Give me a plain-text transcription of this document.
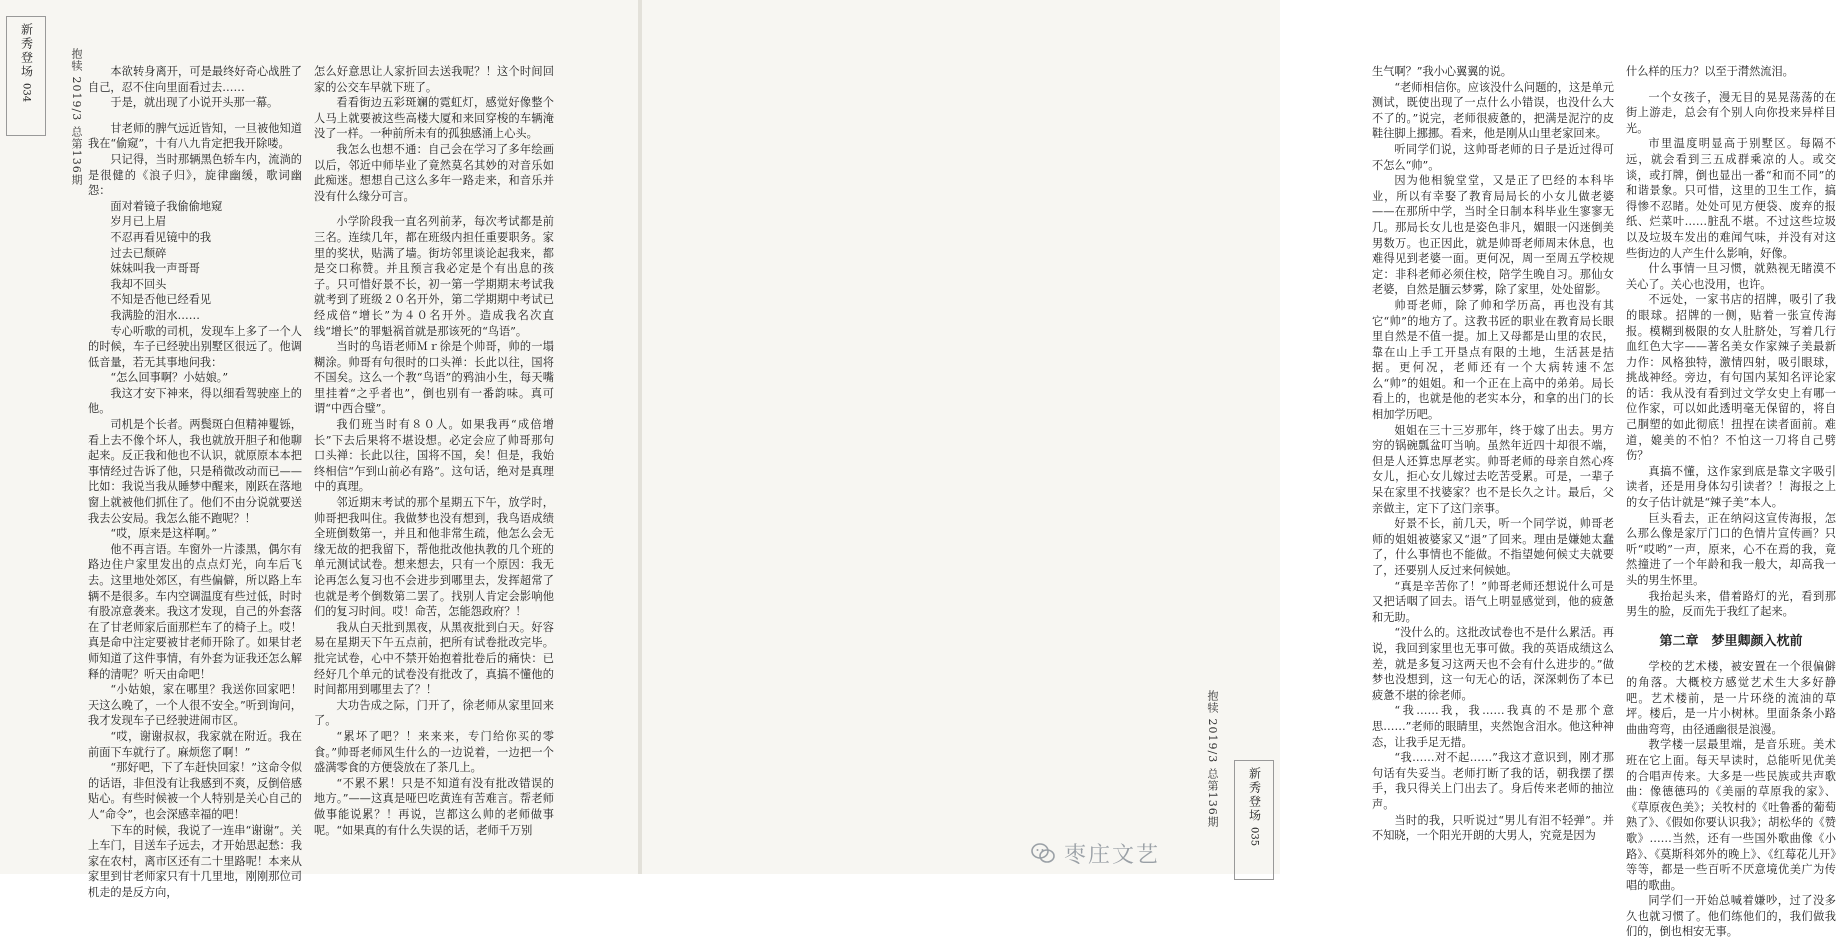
新秀登场
034	抱犊 2019/3 总第136期	本欲转身离开，可是最终好奇心战胜了自己，忍不住向里面看过去……

于是，就出现了小说开头那一幕。

甘老师的脾气远近皆知，一旦被他知道我在“偷窥”，十有八九肯定把我开除喽。

只记得，当时那辆黑色轿车内，流淌的是很健的《浪子归》，旋律幽缓，歌词幽怨：

面对着镜子我偷偷地窥

岁月已上眉

不忍再看见镜中的我

过去已颓碎

妹妹叫我一声哥哥

我却不回头

不知是否他已经看见

我满脸的泪水……

专心听歌的司机，发现车上多了一个人的时候，车子已经驶出别墅区很远了。他调低音量，若无其事地问我：

“怎么回事啊？小姑娘。”

我这才安下神来，得以细看驾驶座上的他。

司机是个长者。两鬓斑白但精神矍铄，看上去不像个坏人，我也就放开胆子和他聊起来。反正我和他也不认识，就原原本本把事情经过告诉了他，只是稍微改动而已——比如：我说当我从睡梦中醒来，刚跃在落地窗上就被他们抓住了。他们不由分说就要送我去公安局。我怎么能不跑呢？！

“哎，原来是这样啊。”

他不再言语。车窗外一片漆黑，偶尔有路边住户家里发出的点点灯光，向车后飞去。这里地处郊区，有些偏僻，所以路上车辆不是很多。车内空调温度有些过低，时时有股凉意袭来。我这才发现，自己的外套落在了甘老师家后面那栏车了的椅子上。哎！真是命中注定要被甘老师开除了。如果甘老师知道了这件事情，有外套为证我还怎么解释的清呢？听天由命吧！

“小姑娘，家在哪里？我送你回家吧！天这么晚了，一个人很不安全。”听到询问，我才发现车子已经驶进闹市区。

“哎，谢谢叔叔，我家就在附近。我在前面下车就行了。麻烦您了啊！”

“那好吧，下了车赶快回家！”这命令似的话语，非但没有让我感到不爽，反倒倍感贴心。有些时候被一个人特别是关心自己的人“命令”，也会深感幸福的吧！

下车的时候，我说了一连串“谢谢”。关上车门，目送车子远去，才开始思起愁：我家在农村，离市区还有二十里路呢！本来从家里到甘老师家只有十几里地，刚刚那位司机走的是反方向，

怎么好意思让人家折回去送我呢？！这个时间回家的公交车早就下班了。

看看街边五彩斑斓的霓虹灯，感觉好像整个人马上就要被这些高楼大厦和来回穿梭的车辆淹没了一样。一种前所未有的孤独感涌上心头。

我怎么也想不通：自己会在学习了多年绘画以后，邻近中师毕业了竟然莫名其妙的对音乐如此痴迷。想想自己这么多年一路走来，和音乐并没有什么缘分可言。

小学阶段我一直名列前茅，每次考试都是前三名。连续几年，都在班级内担任重要职务。家里的奖状，贴满了墙。街坊邻里谈论起我来，都是交口称赞。并且预言我必定是个有出息的孩子。只可惜好景不长，初一第一学期期末考试我就考到了班级２０名开外，第二学期期中考试已经成倍“增长”为４０名开外。造成我名次直线“增长”的罪魁祸首就是那该死的“鸟语”。

当时的鸟语老师Ｍｒ徐是个帅哥，帅的一塌糊涂。帅哥有句很时的口头禅：长此以往，国将不国矣。这么一个教“鸟语”的鸦油小生，每天嘴里挂着“之乎者也”，倒也别有一番韵味。真可谓“中西合璧”。

我们班当时有８０人。如果我再“成倍增长”下去后果将不堪设想。必定会应了帅哥那句口头禅：长此以往，国将不国，矣！但是，我始终相信“乍到山前必有路”。这句话，绝对是真理中的真理。

邻近期末考试的那个星期五下午，放学时，帅哥把我叫住。我做梦也没有想到，我鸟语成绩全班倒数第一，并且和他非常生疏，他怎么会无缘无故的把我留下，帮他批改他执教的几个班的单元测试试卷。想来想去，只有一个原因：我无论再怎么复习也不会进步到哪里去，发挥超常了也就是考个倒数第二罢了。找别人肯定会影响他们的复习时间。哎！命苦，怎能怨政府？！

我从白天批到黑夜，从黑夜批到白天。好容易在星期天下午五点前，把所有试卷批改完毕。批完试卷，心中不禁开始抱着批卷后的痛快：已经好几个单元的试卷没有批改了，真搞不懂他的时间都用到哪里去了？！

大功告成之际，门开了，徐老师从家里回来了。

“累坏了吧？！来来来，专门给你买的零食。”帅哥老师风生什么的一边说着，一边把一个盛满零食的方便袋放在了茶几上。

“不累不累！只是不知道有没有批改错误的地方。”——这真是哑巴吃黄连有苦难言。帮老师做事能说累？！再说，岂都这么帅的老师做事呢。“如果真的有什么失误的话，老师千万别

新秀登场
035
抱犊 2019/3 总第136期

生气啊？”我小心翼翼的说。

“老师相信你。应该没什么问题的，这是单元测试，既使出现了一点什么小错误，也没什么大不了的。”说完，老师很疲惫的，把满是泥泞的皮鞋往脚上挪挪。看来，他是刚从山里老家回来。

听同学们说，这帅哥老师的日子是近过得可不怎么“帅”。

因为他相貌堂堂，又是正了巴经的本科毕业，所以有幸娶了教育局局长的小女儿做老婆——在那所中学，当时全日制本科毕业生寥寥无几。那局长女儿也是姿色非凡，媚眼一闪迷倒美男数万。也正因此，就是帅哥老师周末休息，也难得见到老婆一面。更何况，周一至周五学校规定：非科老师必须住校，陪学生晚自习。那仙女老婆，自然是腼云梦雾，除了家里，处处留影。

帅哥老师，除了帅和学历高，再也没有其它“帅”的地方了。这教书匠的职业在教育局长眼里自然是不值一提。加上又母都是山里的农民，靠在山上手工开垦点有限的土地，生活甚是拮据。更何况，老师还有一个大病转速不怎么“帅”的姐姐。和一个正在上高中的弟弟。局长看上的，也就是他的老实本分，和拿的出门的长相加学历吧。

姐姐在三十三岁那年，终于嫁了出去。男方穷的锅碗瓢盆叮当响。虽然年近四十却很不端，但是人还算忠厚老实。帅哥老师的母亲自然心疼女儿，拒心女儿嫁过去吃苦受累。可是，一辈子呆在家里不找婆家？也不是长久之计。最后，父亲做主，定下了这门亲事。

好景不长，前几天，听一个同学说，帅哥老师的姐姐被婆家又“退”了回来。理由是嫌她太蠢了，什么事情也不能做。不指望她何候丈夫就要了，还要别人反过来何候她。

“真是辛苦你了！”帅哥老师还想说什么可是又把话咽了回去。语气上明显感觉到，他的疲惫和无助。

“没什么的。这批改试卷也不是什么累活。再说，我回到家里也无事可做。我的英语成绩这么差，就是多复习这两天也不会有什么进步的。”做梦也没想到，这一句无心的话，深深刺伤了本已疲惫不堪的徐老师。

“我……我，我……我真的不是那个意思……”老师的眼睛里，夹然饱含泪水。他这种神态，让我手足无措。

“我……对不起……”我这才意识到，刚才那句话有失妥当。老师打断了我的话，朝我摆了摆手，我只得关上门出去了。身后传来老师的抽泣声。

当时的我，只听说过“男儿有泪不轻弹”。并不知晓，一个阳光开朗的大男人，究竟是因为

什么样的压力？以至于潸然流泪。

一个女孩子，漫无目的晃晃荡荡的在街上游走，总会有个别人向你投来异样目光。

市里温度明显高于别墅区。每隔不远，就会看到三五成群乘凉的人。或交谈，或打牌，倒也显出一番“和而不同”的和谐景象。只可惜，这里的卫生工作，搞得惨不忍睹。处处可见方便袋、废弃的报纸、烂菜叶……脏乱不堪。不过这些垃圾以及垃圾车发出的难闻气味，并没有对这些街边的人产生什么影响，好像。

什么事情一旦习惯，就熟视无睹漠不关心了。关心也没用，也许。

不远处，一家书店的招牌，吸引了我的眼球。招牌的一侧，贴着一张宣传海报。模糊到极限的女人肚脐处，写着几行血红色大字——著名美女作家辣子美最新力作：风格独特，激情四射，吸引眼球，挑战神经。旁边，有句国内某知名评论家的话：我从没有看到过文学女史上有哪一位作家，可以如此透明毫无保留的，将自己胴塑的如此彻底！扭捏在读者面前。难道，媲美的不怕？不怕这一刀将自己劈伤？

真搞不懂，这作家到底是靠文字吸引读者，还是用身体勾引读者？！海报之上的女子估计就是“辣子美”本人。

巨头看去，正在纳闷这宣传海报，怎么那么像是家厅门口的色情片宣传画？只听“哎哟”一声，原来，心不在焉的我，竟然撞进了一个年龄和我一般大，却高我一头的男生怀里。

我抬起头来，借着路灯的光，看到那男生的脸，反而先于我红了起来。

第二章　梦里卿颜入枕前

学校的艺术楼，被安置在一个很偏僻的角落。大概校方感觉艺术生大多好静吧。艺术楼前，是一片环绕的流油的草坪。楼后，是一片小树林。里面条条小路曲曲弯弯，由径通幽很是浪漫。

教学楼一层最里端，是音乐班。美术班在它上面。每天早读时，总能听见优美的合唱声传来。大多是一些民族或共声歌曲：像德德玛的《美丽的草原我的家》、《草原夜色美》；关牧村的《吐鲁番的葡萄熟了》、《假如你要认识我》；胡松华的《赞歌》……当然，还有一些国外歌曲像《小路》、《莫斯科郊外的晚上》、《红莓花儿开》等等，都是一些百听不厌意境优美广为传唱的歌曲。

同学们一开始总喊着嫌吵，过了没多久也就习惯了。他们练他们的，我们做我们的，倒也相安无事。

枣庄文艺
